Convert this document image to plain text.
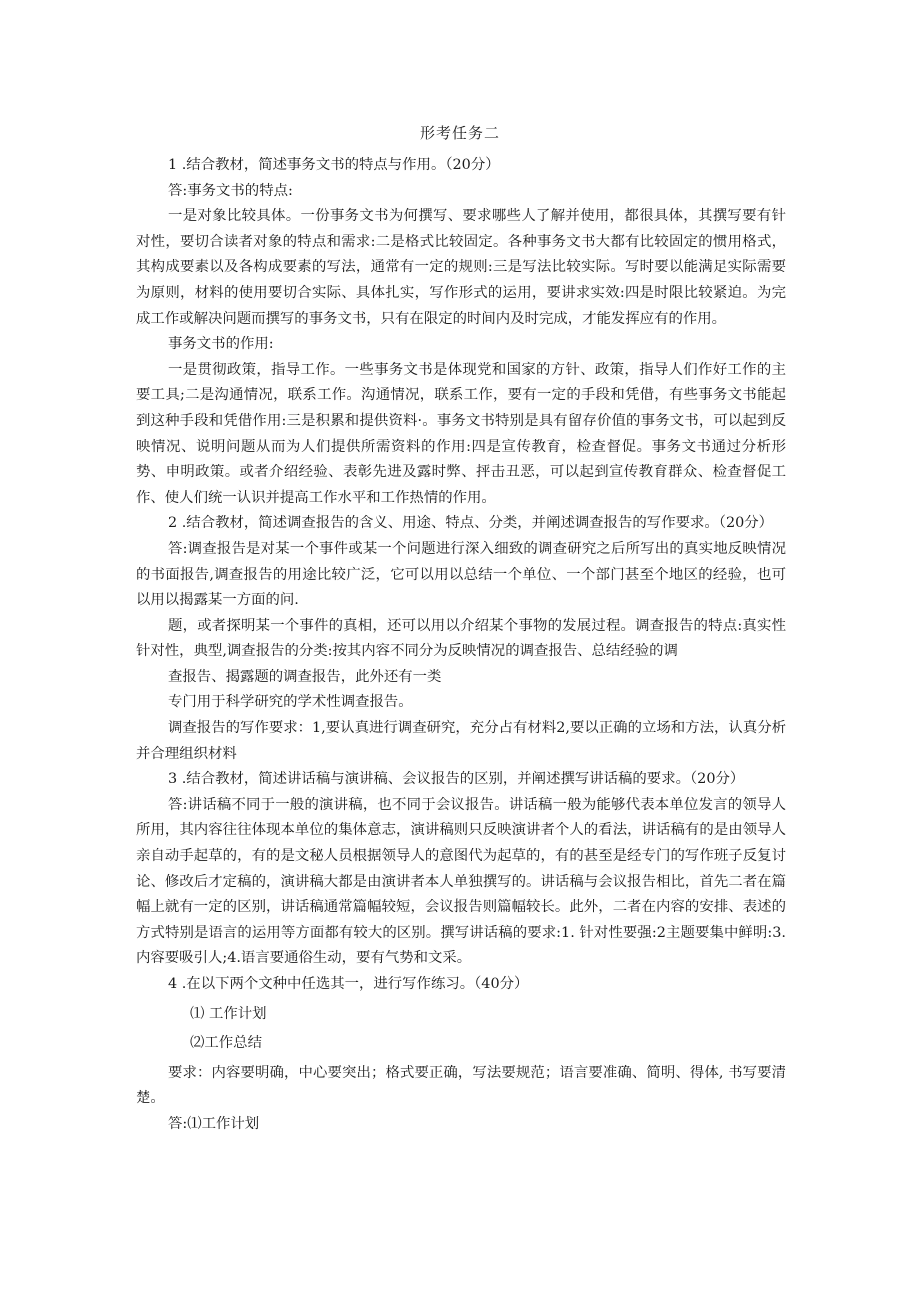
形考任务二

1 .结合教材，简述事务文书的特点与作用。（20分）

答:事务文书的特点:

一是对象比较具体。一份事务文书为何撰写、要求哪些人了解并使用，都很具体，其撰写要有针对性，要切合读者对象的特点和需求:二是格式比较固定。各种事务文书大都有比较固定的惯用格式，其构成要素以及各构成要素的写法，通常有一定的规则:三是写法比较实际。写时要以能满足实际需要为原则，材料的使用要切合实际、具体扎实，写作形式的运用，要讲求实效:四是时限比较紧迫。为完成工作或解决问题而撰写的事务文书，只有在限定的时间内及时完成，才能发挥应有的作用。

事务文书的作用:

一是贯彻政策，指导工作。一些事务文书是体现党和国家的方针、政策，指导人们作好工作的主要工具;二是沟通情况，联系工作。沟通情况，联系工作，要有一定的手段和凭借，有些事务文书能起到这种手段和凭借作用:三是积累和提供资料·。事务文书特别是具有留存价值的事务文书，可以起到反映情况、说明问题从而为人们提供所需资料的作用:四是宣传教育，检查督促。事务文书通过分析形势、申明政策。或者介绍经验、表彰先进及露时弊、抨击丑恶，可以起到宣传教育群众、检查督促工作、使人们统一认识并提高工作水平和工作热情的作用。

2 .结合教材，简述调查报告的含义、用途、特点、分类，并阐述调查报告的写作要求。（20分）

答:调查报告是对某一个事件或某一个问题进行深入细致的调查研究之后所写出的真实地反映情况的书面报告,调查报告的用途比较广泛，它可以用以总结一个单位、一个部门甚至个地区的经验，也可以用以揭露某一方面的问.

题，或者探明某一个事件的真相，还可以用以介绍某个事物的发展过程。调查报告的特点:真实性针对性，典型,调查报告的分类:按其内容不同分为反映情况的调查报告、总结经验的调

查报告、揭露题的调查报告，此外还有一类

专门用于科学研究的学术性调查报告。

调查报告的写作要求：1,要认真进行调查研究，充分占有材料2,要以正确的立场和方法，认真分析并合理组织材料

3 .结合教材，简述讲话稿与演讲稿、会议报告的区别，并阐述撰写讲话稿的要求。（20分）

答:讲话稿不同于一般的演讲稿，也不同于会议报告。讲话稿一般为能够代表本单位发言的领导人所用，其内容往往体现本单位的集体意志，演讲稿则只反映演讲者个人的看法，讲话稿有的是由领导人亲自动手起草的，有的是文秘人员根据领导人的意图代为起草的，有的甚至是经专门的写作班子反复讨论、修改后才定稿的，演讲稿大都是由演讲者本人单独撰写的。讲话稿与会议报告相比，首先二者在篇幅上就有一定的区别，讲话稿通常篇幅较短，会议报告则篇幅较长。此外，二者在内容的安排、表述的方式特别是语言的运用等方面都有较大的区别。撰写讲话稿的要求:1. 针对性要强:2主题要集中鲜明:3. 内容要吸引人;4.语言要通俗生动，要有气势和文采。

4 .在以下两个文种中任选其一，进行写作练习。（40分）

⑴ 工作计划

⑵工作总结

要求：内容要明确，中心要突出；格式要正确，写法要规范；语言要准确、简明、得体, 书写要清楚。

答:⑴工作计划
